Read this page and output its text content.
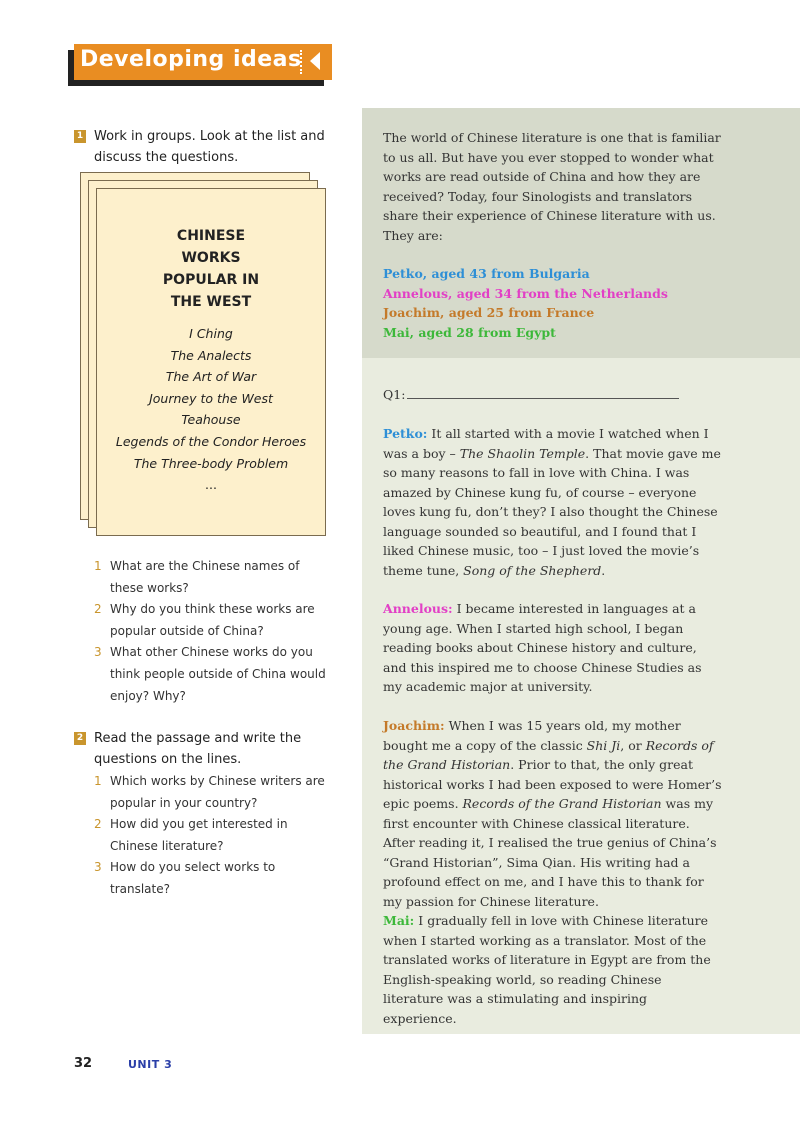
Developing ideas
1 Work in groups. Look at the list and discuss the questions.
CHINESE WORKS POPULAR IN THE WEST
I Ching
The Analects
The Art of War
Journey to the West
Teahouse
Legends of the Condor Heroes
The Three-body Problem
...
1 What are the Chinese names of these works?
2 Why do you think these works are popular outside of China?
3 What other Chinese works do you think people outside of China would enjoy? Why?
2 Read the passage and write the questions on the lines.
1 Which works by Chinese writers are popular in your country?
2 How did you get interested in Chinese literature?
3 How do you select works to translate?
The world of Chinese literature is one that is familiar to us all. But have you ever stopped to wonder what works are read outside of China and how they are received? Today, four Sinologists and translators share their experience of Chinese literature with us. They are:
Petko, aged 43 from Bulgaria
Annelous, aged 34 from the Netherlands
Joachim, aged 25 from France
Mai, aged 28 from Egypt
Q1:
Petko: It all started with a movie I watched when I was a boy – The Shaolin Temple. That movie gave me so many reasons to fall in love with China. I was amazed by Chinese kung fu, of course – everyone loves kung fu, don’t they? I also thought the Chinese language sounded so beautiful, and I found that I liked Chinese music, too – I just loved the movie’s theme tune, Song of the Shepherd.
Annelous: I became interested in languages at a young age. When I started high school, I began reading books about Chinese history and culture, and this inspired me to choose Chinese Studies as my academic major at university.
Joachim: When I was 15 years old, my mother bought me a copy of the classic Shi Ji, or Records of the Grand Historian. Prior to that, the only great historical works I had been exposed to were Homer’s epic poems. Records of the Grand Historian was my first encounter with Chinese classical literature. After reading it, I realised the true genius of China’s “Grand Historian”, Sima Qian. His writing had a profound effect on me, and I have this to thank for my passion for Chinese literature.
Mai: I gradually fell in love with Chinese literature when I started working as a translator. Most of the translated works of literature in Egypt are from the English-speaking world, so reading Chinese literature was a stimulating and inspiring experience.
32	UNIT 3
